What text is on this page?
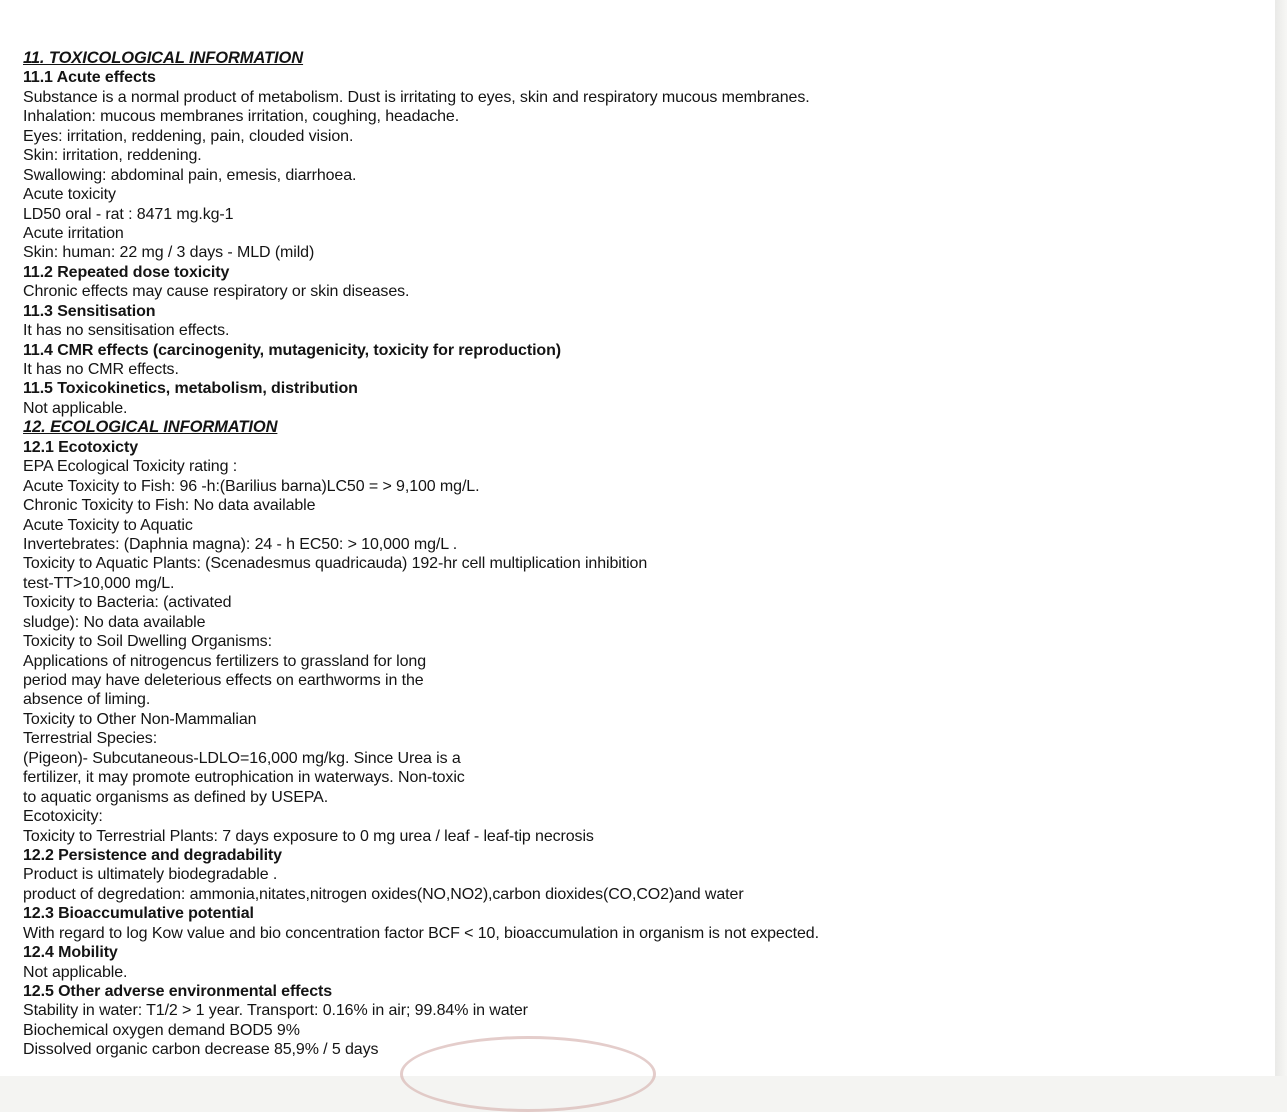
11. TOXICOLOGICAL INFORMATION
11.1 Acute effects
Substance is a normal product of metabolism. Dust is irritating to eyes, skin and respiratory mucous membranes.
Inhalation: mucous membranes irritation, coughing, headache.
Eyes: irritation, reddening, pain, clouded vision.
Skin: irritation, reddening.
Swallowing: abdominal pain, emesis, diarrhoea.
Acute toxicity
LD50 oral - rat : 8471 mg.kg-1
Acute irritation
Skin: human: 22 mg / 3 days - MLD (mild)
11.2 Repeated dose toxicity
Chronic effects may cause respiratory or skin diseases.
11.3 Sensitisation
It has no sensitisation effects.
11.4 CMR effects (carcinogenity, mutagenicity, toxicity for reproduction)
It has no CMR effects.
11.5 Toxicokinetics, metabolism, distribution
Not applicable.
12. ECOLOGICAL INFORMATION
12.1 Ecotoxicty
EPA Ecological Toxicity rating :
Acute Toxicity to Fish: 96 -h:(Barilius barna)LC50 = > 9,100 mg/L.
Chronic Toxicity to Fish: No data available
Acute Toxicity to Aquatic
Invertebrates: (Daphnia magna): 24 - h EC50: > 10,000 mg/L .
Toxicity to Aquatic Plants: (Scenadesmus quadricauda) 192-hr cell multiplication inhibition
test-TT>10,000 mg/L.
Toxicity to Bacteria: (activated
sludge): No data available
Toxicity to Soil Dwelling Organisms:
Applications of nitrogencus fertilizers to grassland for long
period may have deleterious effects on earthworms in the
absence of liming.
Toxicity to Other Non-Mammalian
Terrestrial Species:
(Pigeon)- Subcutaneous-LDLO=16,000 mg/kg. Since Urea is a
fertilizer, it may promote eutrophication in waterways. Non-toxic
to aquatic organisms as defined by USEPA.
Ecotoxicity:
Toxicity to Terrestrial Plants: 7 days exposure to 0 mg urea / leaf - leaf-tip necrosis
12.2 Persistence and degradability
Product is ultimately biodegradable .
product of degredation: ammonia,nitates,nitrogen oxides(NO,NO2),carbon dioxides(CO,CO2)and water
12.3 Bioaccumulative potential
With regard to log Kow value and bio concentration factor BCF < 10, bioaccumulation in organism is not expected.
12.4 Mobility
Not applicable.
12.5 Other adverse environmental effects
Stability in water: T1/2 > 1 year. Transport: 0.16% in air; 99.84% in water
Biochemical oxygen demand BOD5 9%
Dissolved organic carbon decrease 85,9% / 5 days
